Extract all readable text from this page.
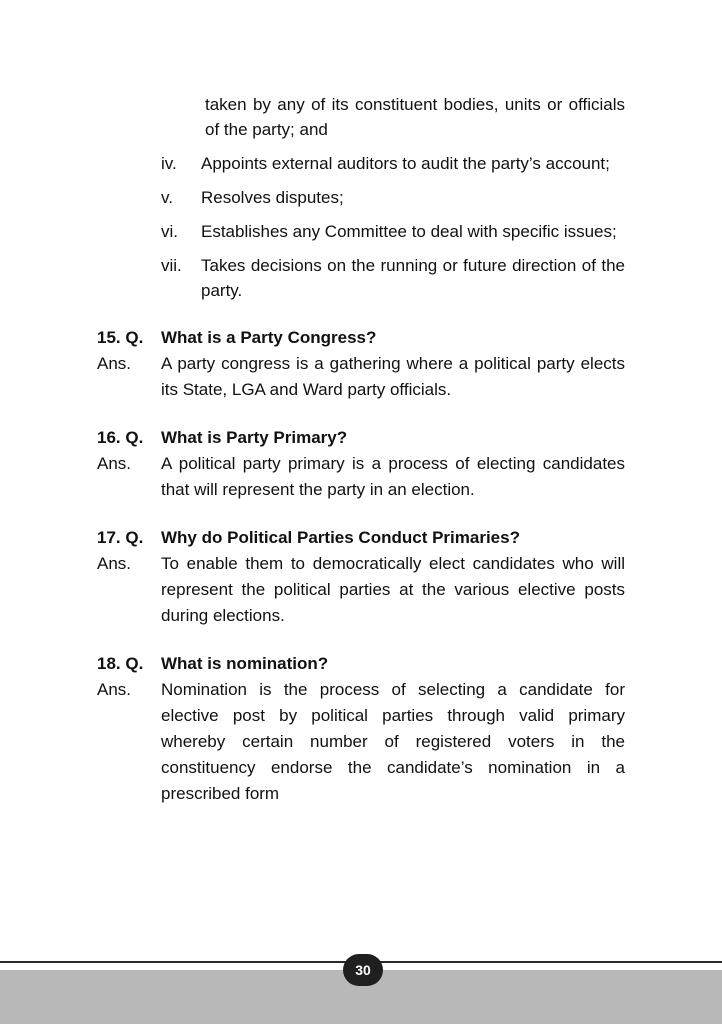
taken by any of its constituent bodies, units or officials of the party; and
iv.	Appoints external auditors to audit the party’s account;
v.	Resolves disputes;
vi.	Establishes any Committee to deal with specific issues;
vii.	Takes decisions on the running or future direction of the party.
15. Q.	What is a Party Congress?
Ans.	A party congress is a gathering where a political party elects its State, LGA and Ward party officials.
16. Q.	What is Party Primary?
Ans.	A political party primary is a process of electing candidates that will represent the party in an election.
17. Q.	Why do Political Parties Conduct Primaries?
Ans.	To enable them to democratically elect candidates who will represent the political parties at the various elective posts during elections.
18. Q.	What is nomination?
Ans.	Nomination is the process of selecting a candidate for elective post by political parties through valid primary whereby certain number of registered voters in the constituency endorse the candidate’s nomination in a prescribed form
30
